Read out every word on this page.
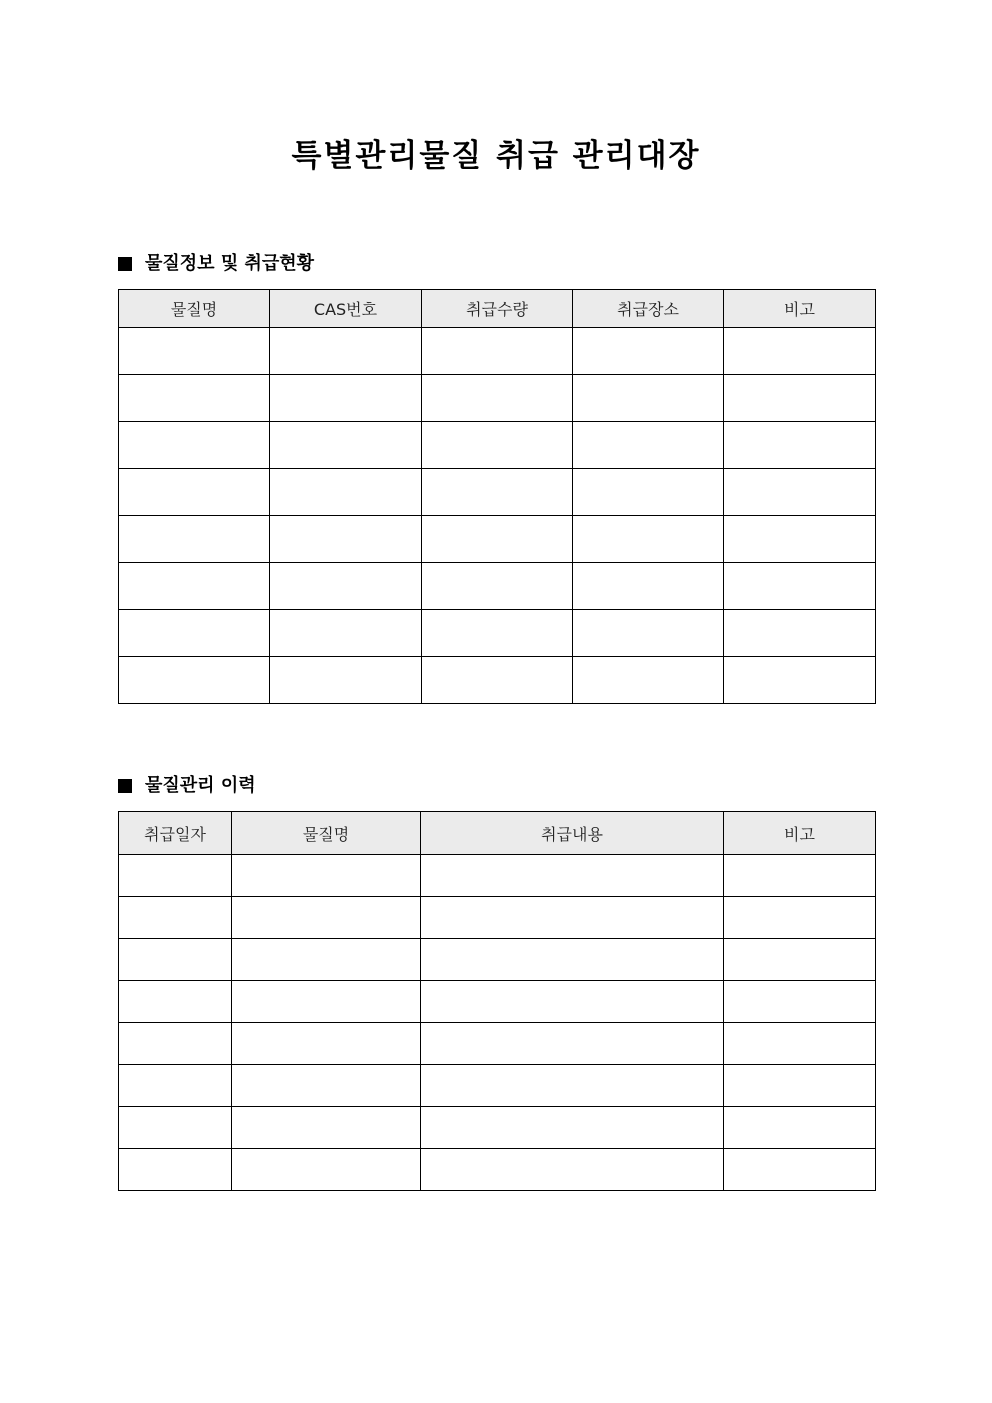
특별관리물질 취급 관리대장
물질정보 및 취급현황
물질명	CAS번호	취급수량	취급장소	비고

물질관리 이력
취급일자	물질명	취급내용	비고
